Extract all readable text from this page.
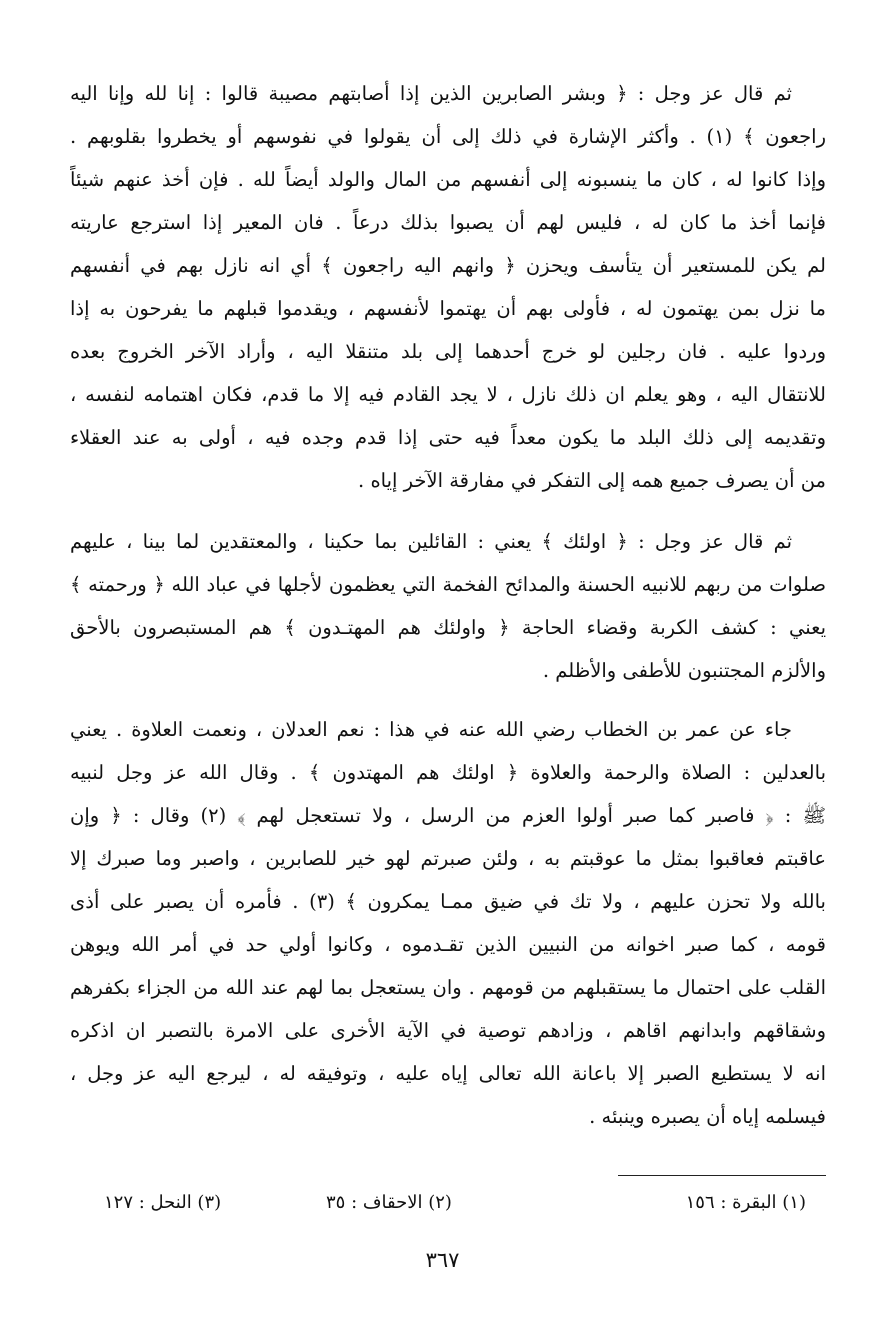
ثم قال عز وجل : ﴿ وبشر الصابرين الذين إذا أصابتهم مصيبة قالوا : إنا لله وإنا اليه
راجعون ﴾ (١) . وأكثر الإشارة في ذلك إلى أن يقولوا في نفوسهم أو يخطروا بقلوبهم .
وإذا كانوا له ، كان ما ينسبونه إلى أنفسهم من المال والولد أيضاً لله . فإن أخذ عنهم شيئاً
فإنما أخذ ما كان له ، فليس لهم أن يصبوا بذلك درعاً . فان المعير إذا استرجع عاريته
لم يكن للمستعير أن يتأسف ويحزن ﴿ وانهم اليه راجعون ﴾ أي انه نازل بهم في أنفسهم
ما نزل بمن يهتمون له ، فأولى بهم أن يهتموا لأنفسهم ، ويقدموا قبلهم ما يفرحون به إذا
وردوا عليه . فان رجلين لو خرج أحدهما إلى بلد متنقلا اليه ، وأراد الآخر الخروج بعده
للانتقال اليه ، وهو يعلم ان ذلك نازل ، لا يجد القادم فيه إلا ما قدم، فكان اهتمامه لنفسه ،
وتقديمه إلى ذلك البلد ما يكون معداً فيه حتى إذا قدم وجده فيه ، أولى به عند العقلاء
من أن يصرف جميع همه إلى التفكر في مفارقة الآخر إياه .
ثم قال عز وجل : ﴿ اولئك ﴾ يعني : القائلين بما حكينا ، والمعتقدين لما بينا ، عليهم
صلوات من ربهم للانبيه الحسنة والمدائح الفخمة التي يعظمون لأجلها في عباد الله ﴿ ورحمته ﴾
يعني : كشف الكربة وقضاء الحاجة ﴿ واولئك هم المهتـدون ﴾ هم المستبصرون بالأحق
والألزم المجتنبون للأطفى والأظلم .
جاء عن عمر بن الخطاب رضي الله عنه في هذا : نعم العدلان ، ونعمت العلاوة . يعني
بالعدلين : الصلاة والرحمة والعلاوة ﴿ اولئك هم المهتدون ﴾ . وقال الله عز وجل لنبيه
ﷺ : ﴿ فاصبر كما صبر أولوا العزم من الرسل ، ولا تستعجل لهم ﴾ (٢) وقال : ﴿ وإن
عاقبتم فعاقبوا بمثل ما عوقبتم به ، ولئن صبرتم لهو خير للصابرين ، واصبر وما صبرك إلا
بالله ولا تحزن عليهم ، ولا تك في ضيق ممـا يمكرون ﴾ (٣) . فأمره أن يصبر على أذى
قومه ، كما صبر اخوانه من النبيين الذين تقـدموه ، وكانوا أولي حد في أمر الله ويوهن
القلب على احتمال ما يستقبلهم من قومهم . وان يستعجل بما لهم عند الله من الجزاء بكفرهم
وشقاقهم وابدانهم اقاهم ، وزادهم توصية في الآية الأخرى على الامرة بالتصبر ان اذكره
انه لا يستطيع الصبر إلا باعانة الله تعالى إياه عليه ، وتوفيقه له ، ليرجع اليه عز وجل ،
فيسلمه إياه أن يصبره وينبئه .
(١) البقرة : ١٥٦
(٢) الاحقاف : ٣٥
(٣) النحل : ١٢٧
٣٦٧
